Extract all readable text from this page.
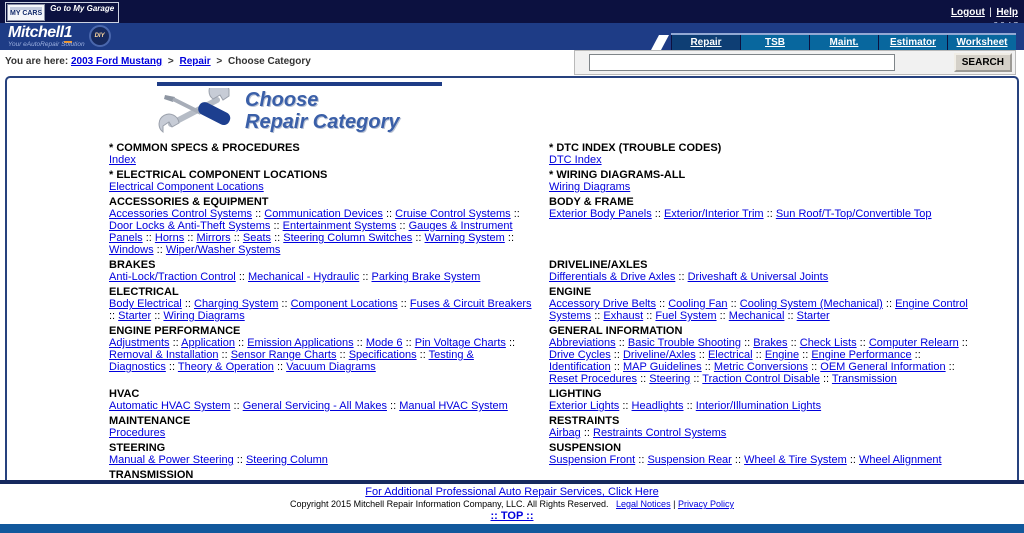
MY CARS
Go to My Garage	Logout | Help
Mitchell1
Your eAutoRepair Solution
DIY
Repair	TSB	Maint.	Estimator	Worksheet
You are here: 2003 Ford Mustang > Repair > Choose Category	SEARCH
Choose
Repair Category
* COMMON SPECS & PROCEDURES
Index
* DTC INDEX (TROUBLE CODES)
DTC Index
* ELECTRICAL COMPONENT LOCATIONS
Electrical Component Locations
* WIRING DIAGRAMS-ALL
Wiring Diagrams
ACCESSORIES & EQUIPMENT
Accessories Control Systems :: Communication Devices :: Cruise Control Systems :: Door Locks & Anti-Theft Systems :: Entertainment Systems :: Gauges & Instrument Panels :: Horns :: Mirrors :: Seats :: Steering Column Switches :: Warning System :: Windows :: Wiper/Washer Systems
BODY & FRAME
Exterior Body Panels :: Exterior/Interior Trim :: Sun Roof/T-Top/Convertible Top
BRAKES
Anti-Lock/Traction Control :: Mechanical - Hydraulic :: Parking Brake System
DRIVELINE/AXLES
Differentials & Drive Axles :: Driveshaft & Universal Joints
ELECTRICAL
Body Electrical :: Charging System :: Component Locations :: Fuses & Circuit Breakers :: Starter :: Wiring Diagrams
ENGINE
Accessory Drive Belts :: Cooling Fan :: Cooling System (Mechanical) :: Engine Control Systems :: Exhaust :: Fuel System :: Mechanical :: Starter
ENGINE PERFORMANCE
Adjustments :: Application :: Emission Applications :: Mode 6 :: Pin Voltage Charts :: Removal & Installation :: Sensor Range Charts :: Specifications :: Testing & Diagnostics :: Theory & Operation :: Vacuum Diagrams
GENERAL INFORMATION
Abbreviations :: Basic Trouble Shooting :: Brakes :: Check Lists :: Computer Relearn :: Drive Cycles :: Driveline/Axles :: Electrical :: Engine :: Engine Performance :: Identification :: MAP Guidelines :: Metric Conversions :: OEM General Information :: Reset Procedures :: Steering :: Traction Control Disable :: Transmission
HVAC
Automatic HVAC System :: General Servicing - All Makes :: Manual HVAC System
LIGHTING
Exterior Lights :: Headlights :: Interior/Illumination Lights
MAINTENANCE
Procedures
RESTRAINTS
Airbag :: Restraints Control Systems
STEERING
Manual & Power Steering :: Steering Column
SUSPENSION
Suspension Front :: Suspension Rear :: Wheel & Tire System :: Wheel Alignment
TRANSMISSION
For Additional Professional Auto Repair Services, Click Here
Copyright 2015 Mitchell Repair Information Company, LLC. All Rights Reserved. Legal Notices | Privacy Policy
:: TOP ::
